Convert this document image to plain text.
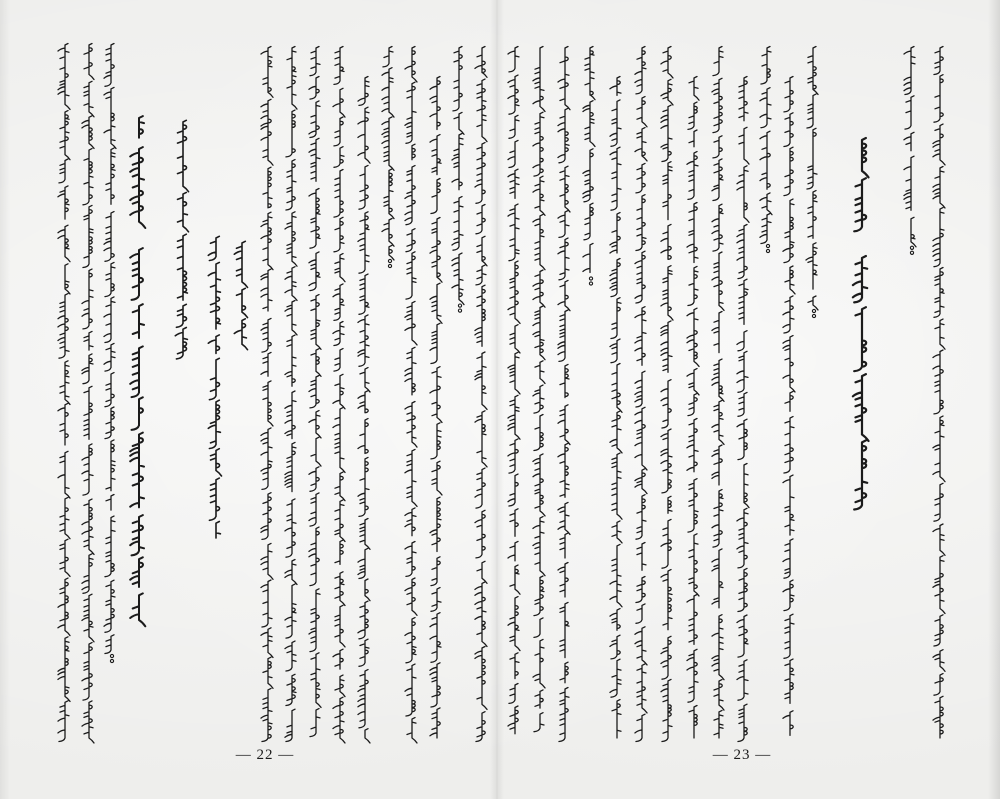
— 22 —	— 23 —
